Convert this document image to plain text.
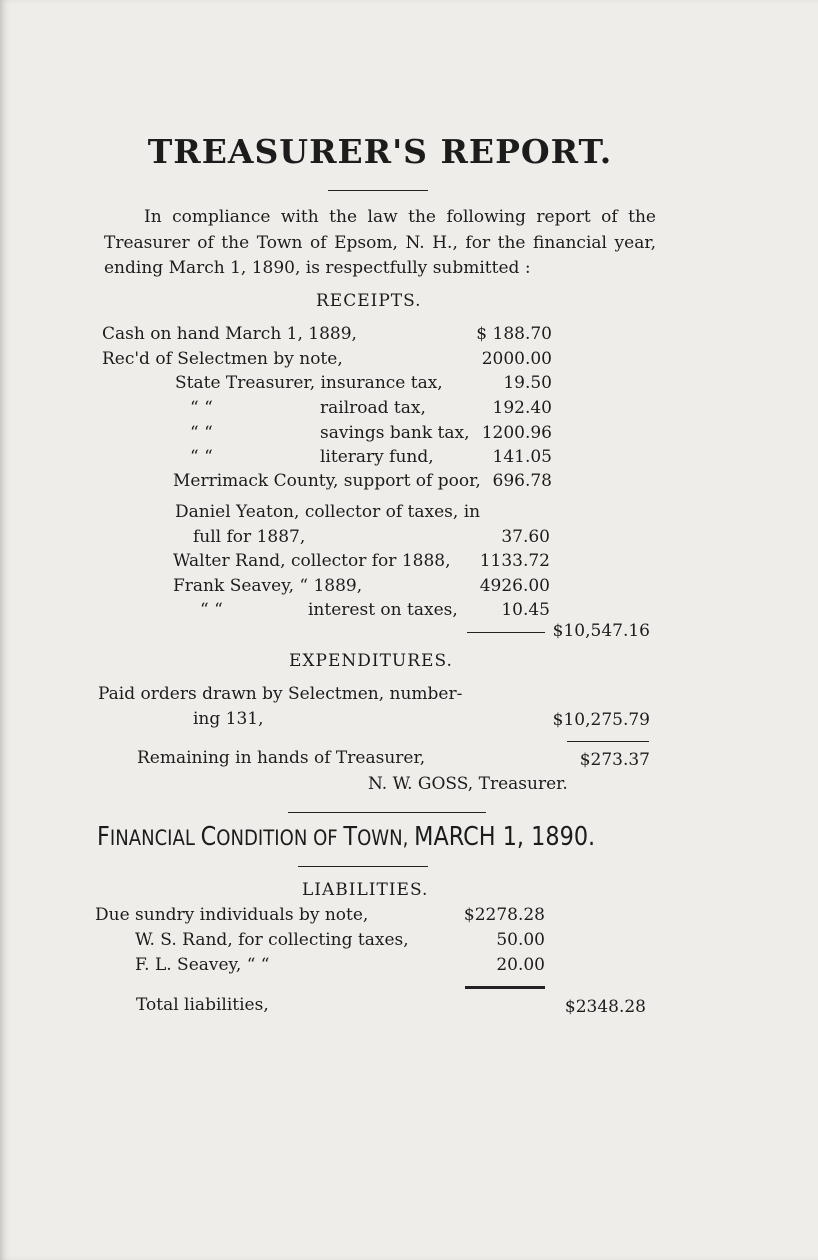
TREASURER'S REPORT.
In compliance with the law the following report of the Treasurer of the Town of Epsom, N. H., for the financial year, ending March 1, 1890, is respectfully submitted :
RECEIPTS.
Cash on hand March 1, 1889,	$ 188.70
Rec'd of Selectmen by note,	2000.00
State Treasurer, insurance tax,	19.50
“ “	railroad tax,	192.40
“ “	savings bank tax, 1200.96
“ “	literary fund,	141.05
Merrimack County, support of poor, 696.78
Daniel Yeaton, collector of taxes, in
full for 1887,	37.60
Walter Rand, collector for 1888, 1133.72
Frank Seavey, “ 1889,	4926.00
“ “	interest on taxes,	10.45
$10,547.16
EXPENDITURES.
Paid orders drawn by Selectmen, number-
ing 131,	$10,275.79
Remaining in hands of Treasurer,	$273.37
N. W. GOSS, Treasurer.
FINANCIAL CONDITION OF TOWN, MARCH 1, 1890.
LIABILITIES.
Due sundry individuals by note,	$2278.28
W. S. Rand, for collecting taxes,	50.00
F. L. Seavey, “ “	20.00
Total liabilities,	$2348.28
